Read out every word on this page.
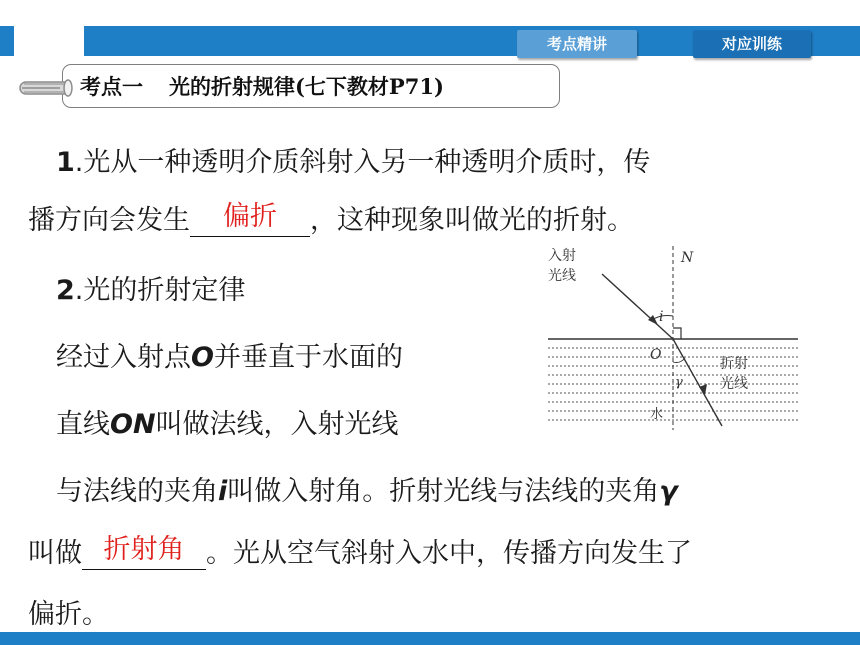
考点精讲	对应训练
考点一 光的折射规律(七下教材P71)
1.光从一种透明介质斜射入另一种透明介质时，传
播方向会发生	偏折	，这种现象叫做光的折射。
2.光的折射定律
经过入射点O并垂直于水面的
直线ON叫做法线，入射光线
与法线的夹角i叫做入射角。折射光线与法线的夹角γ
叫做 折射角 。光从空气斜射入水中，传播方向发生了
偏折。
入射
光线
N
i
O
γ
折射
光线
水
